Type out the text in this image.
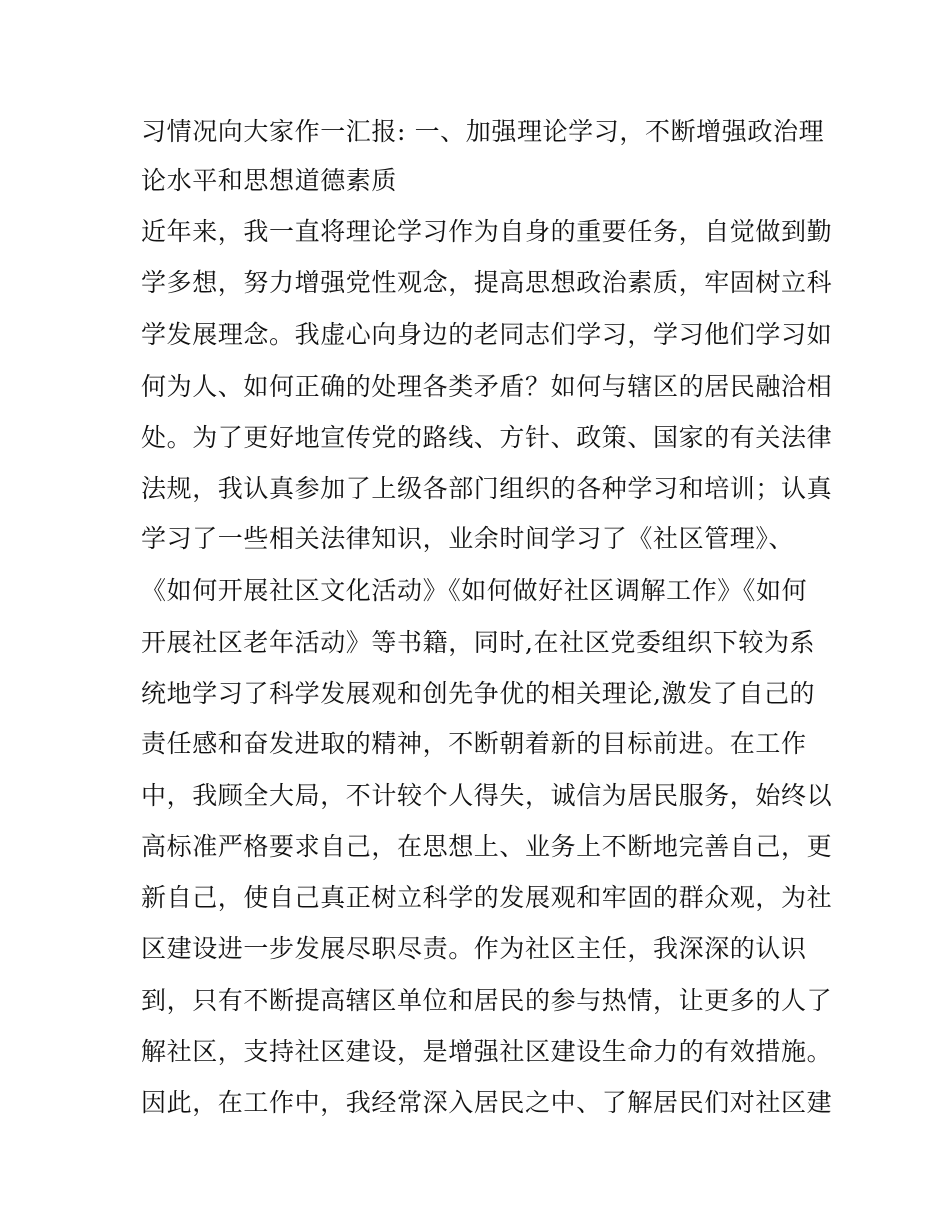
习情况向大家作一汇报: 一、加强理论学习，不断增强政治理
论水平和思想道德素质
近年来，我一直将理论学习作为自身的重要任务，自觉做到勤
学多想，努力增强党性观念，提高思想政治素质，牢固树立科
学发展理念。我虚心向身边的老同志们学习，学习他们学习如
何为人、如何正确的处理各类矛盾？如何与辖区的居民融洽相
处。为了更好地宣传党的路线、方针、政策、国家的有关法律
法规，我认真参加了上级各部门组织的各种学习和培训；认真
学习了一些相关法律知识，业余时间学习了《社区管理》、
《如何开展社区文化活动》《如何做好社区调解工作》《如何
开展社区老年活动》等书籍，同时,在社区党委组织下较为系
统地学习了科学发展观和创先争优的相关理论,激发了自己的
责任感和奋发进取的精神，不断朝着新的目标前进。在工作
中，我顾全大局，不计较个人得失，诚信为居民服务，始终以
高标准严格要求自己，在思想上、业务上不断地完善自己，更
新自己，使自己真正树立科学的发展观和牢固的群众观，为社
区建设进一步发展尽职尽责。作为社区主任，我深深的认识
到，只有不断提高辖区单位和居民的参与热情，让更多的人了
解社区，支持社区建设，是增强社区建设生命力的有效措施。
因此，在工作中，我经常深入居民之中、了解居民们对社区建
